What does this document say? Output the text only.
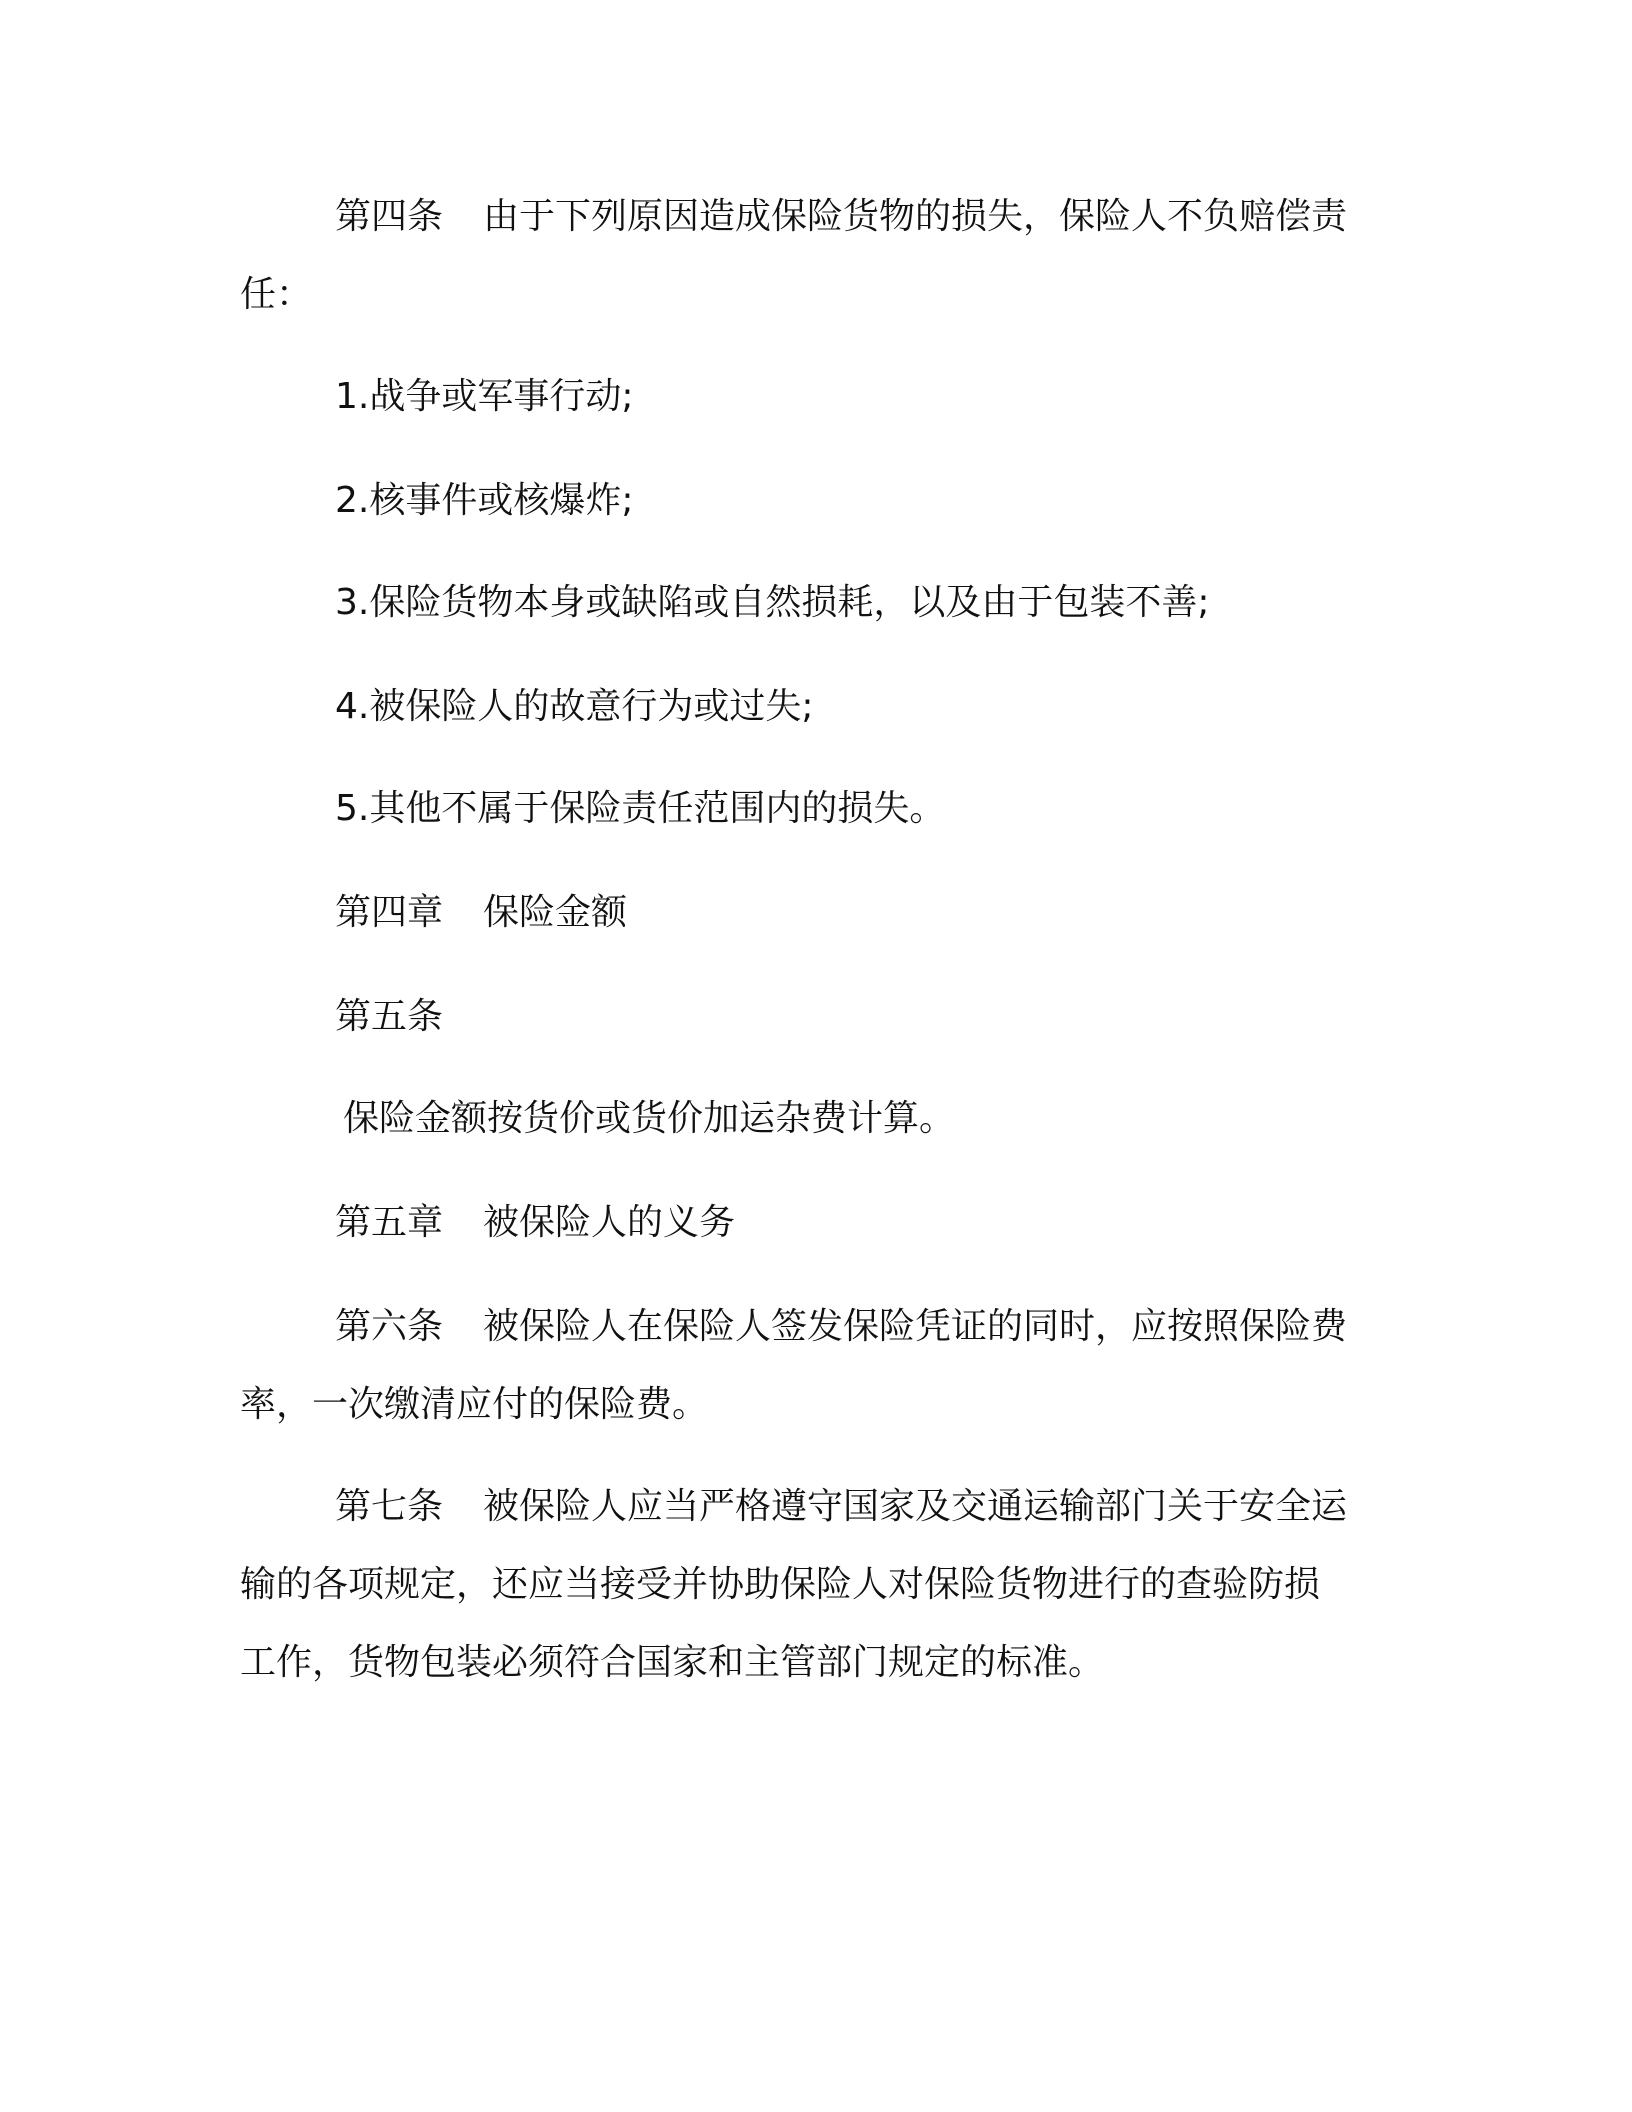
第四条 由于下列原因造成保险货物的损失，保险人不负赔偿责

任：

1.战争或军事行动;

2.核事件或核爆炸;

3.保险货物本身或缺陷或自然损耗，以及由于包装不善;

4.被保险人的故意行为或过失;

5.其他不属于保险责任范围内的损失。

第四章 保险金额

第五条

保险金额按货价或货价加运杂费计算。

第五章 被保险人的义务

第六条 被保险人在保险人签发保险凭证的同时，应按照保险费

率，一次缴清应付的保险费。

第七条 被保险人应当严格遵守国家及交通运输部门关于安全运

输的各项规定，还应当接受并协助保险人对保险货物进行的查验防损

工作，货物包装必须符合国家和主管部门规定的标准。
